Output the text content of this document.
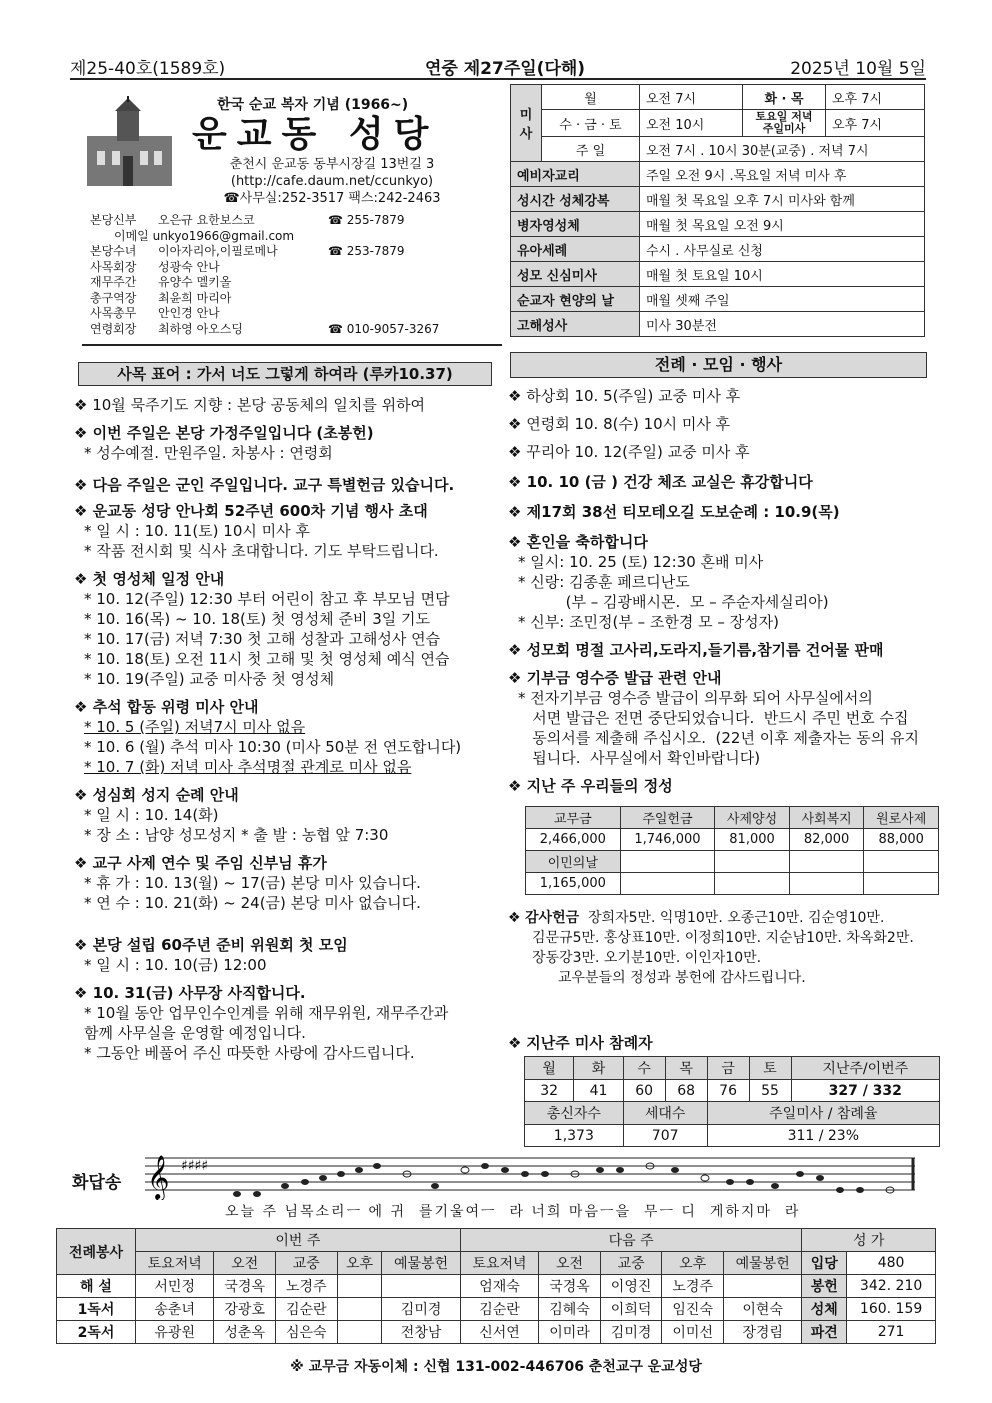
제25-40호(1589호)	연중 제27주일(다해)	2025년 10월 5일
한국 순교 복자 기념 (1966~)
운교동 성당
춘천시 운교동 동부시장길 13번길 3
(http://cafe.daum.net/ccunkyo)
☎사무실:252-3517 팩스:242-2463
본당신부 오은규 요한보스코	☎ 255-7879
이메일 unkyo1966@gmail.com
본당수녀 이아자리아,이필로메나	☎ 253-7879
사목회장 성광숙 안나
재무주간 유양수 멜키올
총구역장 최윤희 마리아
사목총무 안인경 안나
연령회장 최하영 아오스딩	☎ 010-9057-3267
미사	월	오전 7시	화 · 목	오후 7시
	수 · 금 · 토	오전 10시	토요일 저녁 주일미사	오후 7시
	주 일	오전 7시 . 10시 30분(교중) . 저녁 7시		
예비자교리		주일 오전 9시 .목요일 저녁 미사 후		
성시간 성체강복		매월 첫 목요일 오후 7시 미사와 함께		
병자영성체		매월 첫 목요일 오전 9시		
유아세례		수시 . 사무실로 신청		
성모 신심미사		매월 첫 토요일 10시		
순교자 현양의 날		매월 셋째 주일		
고해성사		미사 30분전		
사목 표어 : 가서 너도 그렇게 하여라 (루카10.37)
❖ 10월 묵주기도 지향 : 본당 공동체의 일치를 위하여
❖ 이번 주일은 본당 가정주일입니다 (초봉헌)
* 성수예절. 만원주일. 차봉사 : 연령회
❖ 다음 주일은 군인 주일입니다. 교구 특별헌금 있습니다.
❖ 운교동 성당 안나회 52주년 600차 기념 행사 초대
* 일 시 : 10. 11(토) 10시 미사 후
* 작품 전시회 및 식사 초대합니다. 기도 부탁드립니다.
❖ 첫 영성체 일정 안내
* 10. 12(주일) 12:30 부터 어린이 참고 후 부모님 면담
* 10. 16(목) ~ 10. 18(토) 첫 영성체 준비 3일 기도
* 10. 17(금) 저녁 7:30 첫 고해 성찰과 고해성사 연습
* 10. 18(토) 오전 11시 첫 고해 및 첫 영성체 예식 연습
* 10. 19(주일) 교중 미사중 첫 영성체
❖ 추석 합동 위령 미사 안내
* 10. 5 (주일) 저녁7시 미사 없음
* 10. 6 (월) 추석 미사 10:30 (미사 50분 전 연도합니다)
* 10. 7 (화) 저녁 미사 추석명절 관계로 미사 없음
❖ 성심회 성지 순례 안내
* 일 시 : 10. 14(화)
* 장 소 : 남양 성모성지 * 출 발 : 농협 앞 7:30
❖ 교구 사제 연수 및 주임 신부님 휴가
* 휴 가 : 10. 13(월) ~ 17(금) 본당 미사 있습니다.
* 연 수 : 10. 21(화) ~ 24(금) 본당 미사 없습니다.
❖ 본당 설립 60주년 준비 위원회 첫 모임
* 일 시 : 10. 10(금) 12:00
❖ 10. 31(금) 사무장 사직합니다.
* 10월 동안 업무인수인계를 위해 재무위원, 재무주간과
함께 사무실을 운영할 예정입니다.
* 그동안 베풀어 주신 따뜻한 사랑에 감사드립니다.
전례 · 모임 · 행사
❖ 하상회 10. 5(주일) 교중 미사 후
❖ 연령회 10. 8(수) 10시 미사 후
❖ 꾸리아 10. 12(주일) 교중 미사 후
❖ 10. 10 (금 ) 건강 체조 교실은 휴강합니다
❖ 제17회 38선 티모테오길 도보순례 : 10.9(목)
❖ 혼인을 축하합니다
* 일시: 10. 25 (토) 12:30 혼배 미사
* 신랑: 김종훈 페르디난도
(부 – 김광배시몬.  모 – 주순자세실리아)
* 신부: 조민정(부 – 조한경 모 – 장성자)
❖ 성모회 명절 고사리,도라지,들기름,참기름 건어물 판매
❖ 기부금 영수증 발급 관련 안내
* 전자기부금 영수증 발급이 의무화 되어 사무실에서의
서면 발급은 전면 중단되었습니다.  반드시 주민 번호 수집
동의서를 제출해 주십시오.  (22년 이후 제출자는 동의 유지
됩니다.  사무실에서 확인바랍니다)
❖ 지난 주 우리들의 정성
교무금	주일헌금	사제양성	사회복지	원로사제
2,466,000	1,746,000	81,000	82,000	88,000
이민의날				
1,165,000				
❖ 감사헌금 장희자5만. 익명10만. 오종근10만. 김순영10만.
김문규5만. 홍상표10만. 이정희10만. 지순남10만. 차옥화2만.
장동강3만. 오기분10만. 이인자10만.
교우분들의 정성과 봉헌에 감사드립니다.
❖ 지난주 미사 참례자
월	화	수	목	금	토	지난주/이번주
32	41	60	68	76	55	327 / 332
총신자수		세대수		주일미사 / 참례율		
1,373		707		311 / 23%		
화답송 𝄞 ♯♯♯♯
오늘 주 님목소리ㅡ 에 귀  를기울여ㅡ  라 너희 마음ㅡ을  무ㅡ 디  게하지마  라
전례봉사	이번 주					다음 주					성 가	
	토요저녁	오전	교중	오후	예물봉헌	토요저녁	오전	교중	오후	예물봉헌	입당	480
해 설	서민정	국경옥	노경주			엄재숙	국경옥	이영진	노경주		봉헌	342. 210
1독서	송춘녀	강광호	김순란		김미경	김순란	김혜숙	이희덕	임진숙	이현숙	성체	160. 159
2독서	유광원	성춘옥	심은숙		전창남	신서연	이미라	김미경	이미선	장경림	파견	271
※ 교무금 자동이체 : 신협 131-002-446706 춘천교구 운교성당
